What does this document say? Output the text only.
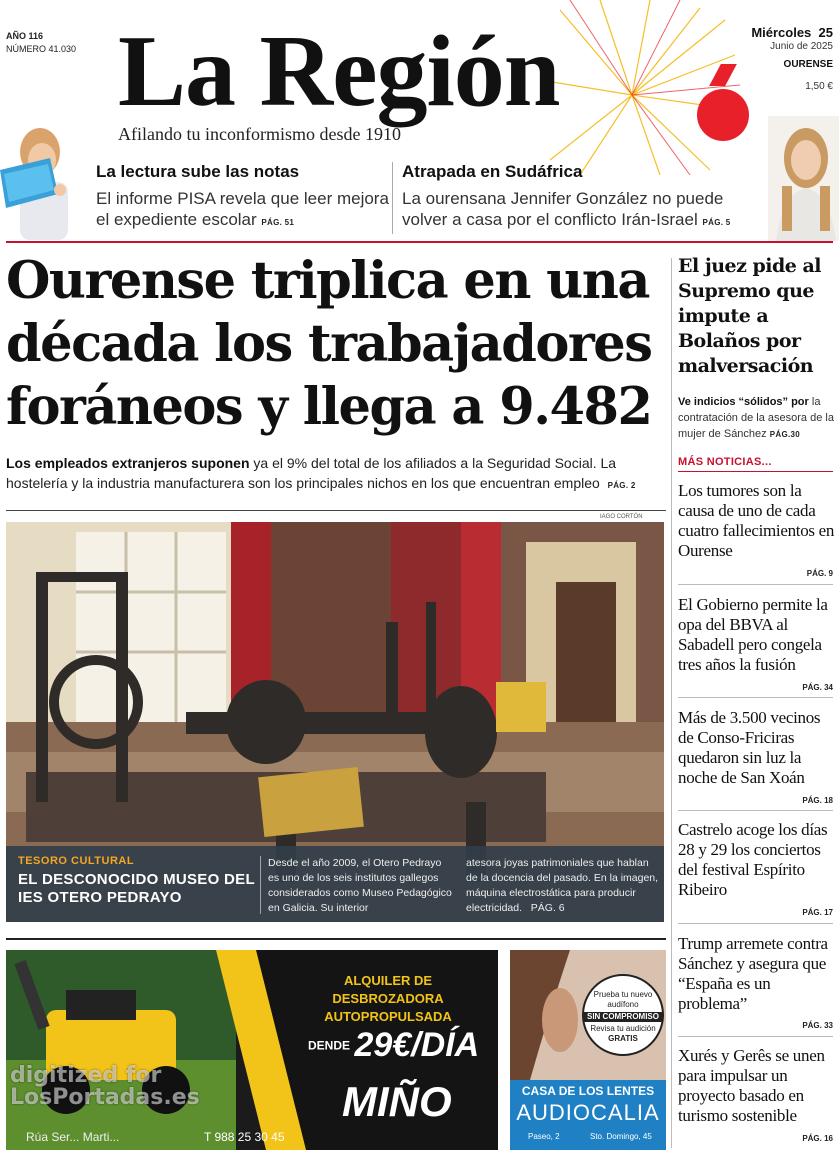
AÑO 116
NÚMERO 41.030 La Región
Afilando tu inconformismo desde 1910
Miércoles 25
Junio de 2025
OURENSE
1,50 €
La lectura sube las notas
El informe PISA revela que leer mejora el expediente escolar PÁG. 51
Atrapada en Sudáfrica
La ourensana Jennifer González no puede volver a casa por el conflicto Irán-Israel PÁG. 5
Ourense triplica en una década los trabajadores foráneos y llega a 9.482
Los empleados extranjeros suponen ya el 9% del total de los afiliados a la Seguridad Social. La hostelería y la industria manufacturera son los principales nichos en los que encuentran empleo PÁG. 2
IAGO CORTÓN
TESORO CULTURAL
EL DESCONOCIDO MUSEO DEL IES OTERO PEDRAYO
Desde el año 2009, el Otero Pedrayo es uno de los seis institutos gallegos considerados como Museo Pedagógico en Galicia. Su interior
atesora joyas patrimoniales que hablan de la docencia del pasado. En la imagen, máquina electrostática para producir electricidad. PÁG. 6
El juez pide al Supremo que impute a Bolaños por malversación
Ve indicios “sólidos” por la contratación de la asesora de la mujer de Sánchez PÁG.30
MÁS NOTICIAS...
Los tumores son la causa de uno de cada cuatro fallecimientos en Ourense
PÁG. 9
El Gobierno permite la opa del BBVA al Sabadell pero congela tres años la fusión
PÁG. 34
Más de 3.500 vecinos de Conso-Friciras quedaron sin luz la noche de San Xoán
PÁG. 18
Castrelo acoge los días 28 y 29 los conciertos del festival Espírito Ribeiro
PÁG. 17
Trump arremete contra Sánchez y asegura que “España es un problema”
PÁG. 33
Xurés y Gerês se unen para impulsar un proyecto basado en turismo sostenible
PÁG. 16
ALQUILER DE DESBROZADORA
AUTOPROPULSADA
DENDE 29€/DÍA
MIÑO
Rúa Ser... Marti...	T 988 25 30 45
Prueba tu nuevo audífono
SIN COMPROMISO
Revisa tu audición
GRATIS
CASA DE LOS LENTES
AUDIOCALIA
Paseo, 2	Sto. Domingo, 45
digitized for
LosPortadas.es
